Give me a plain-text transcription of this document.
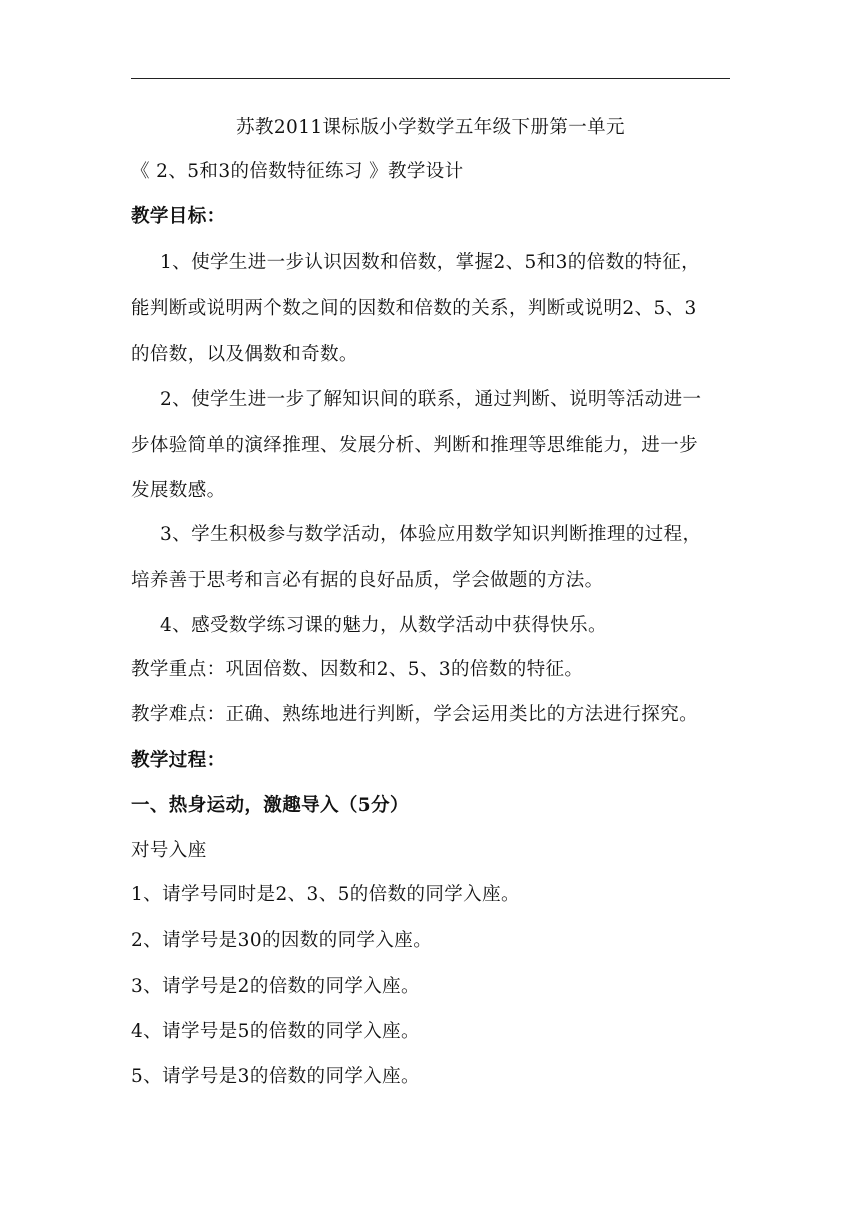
苏教2011课标版小学数学五年级下册第一单元
《 2、5和3的倍数特征练习 》教学设计
教学目标：
1、使学生进一步认识因数和倍数，掌握2、5和3的倍数的特征，
能判断或说明两个数之间的因数和倍数的关系，判断或说明2、5、3
的倍数，以及偶数和奇数。
2、使学生进一步了解知识间的联系，通过判断、说明等活动进一
步体验简单的演绎推理、发展分析、判断和推理等思维能力，进一步
发展数感。
3、学生积极参与数学活动，体验应用数学知识判断推理的过程，
培养善于思考和言必有据的良好品质，学会做题的方法。
4、感受数学练习课的魅力，从数学活动中获得快乐。
教学重点：巩固倍数、因数和2、5、3的倍数的特征。
教学难点：正确、熟练地进行判断，学会运用类比的方法进行探究。
教学过程：
一、热身运动，激趣导入（5分）
对号入座
1、请学号同时是2、3、5的倍数的同学入座。
2、请学号是30的因数的同学入座。
3、请学号是2的倍数的同学入座。
4、请学号是5的倍数的同学入座。
5、请学号是3的倍数的同学入座。
